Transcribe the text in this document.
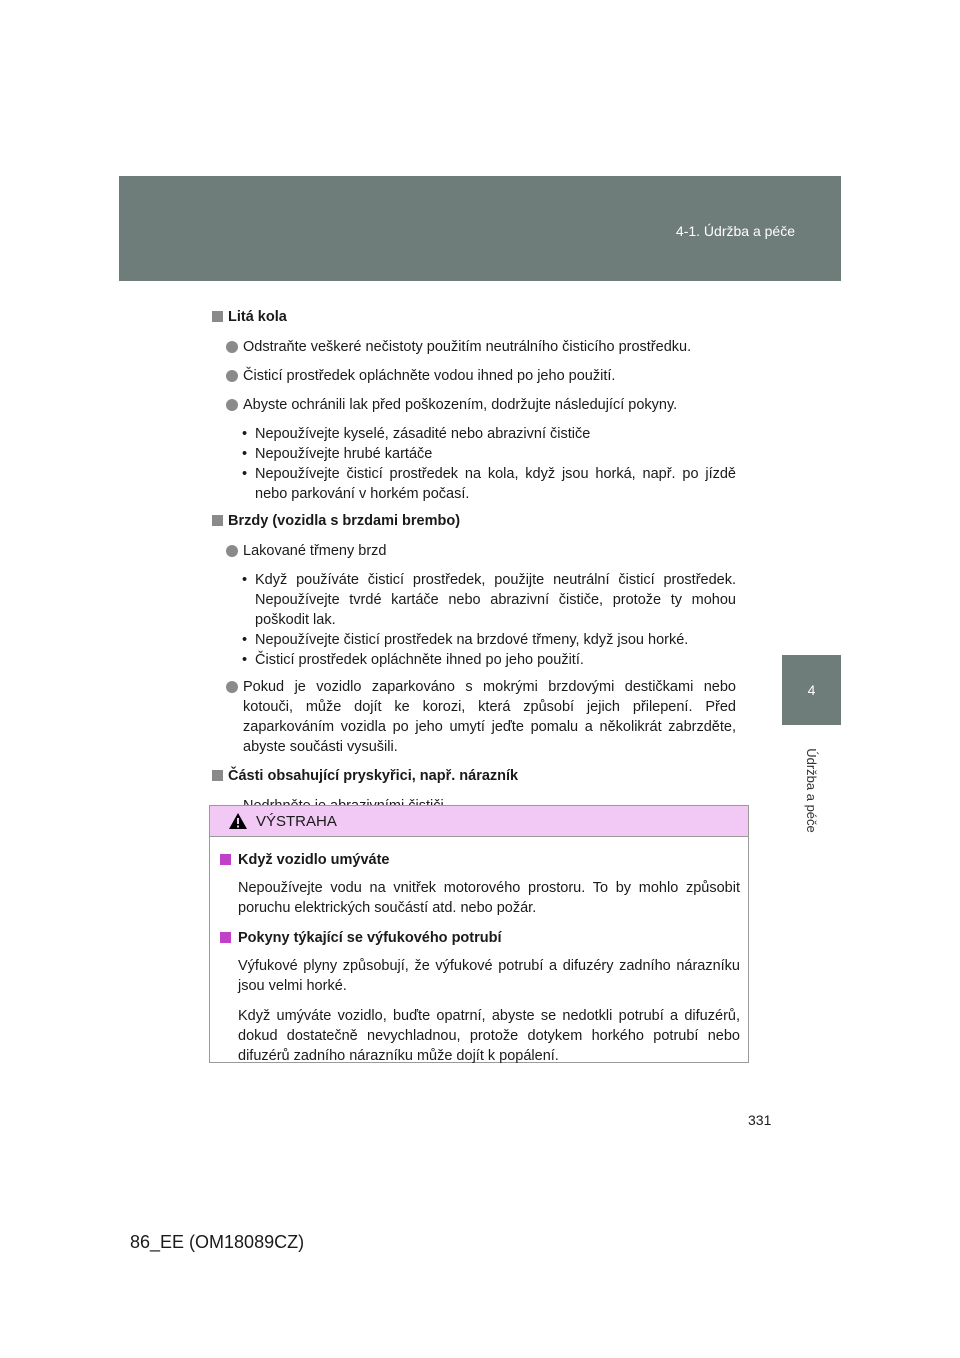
4-1. Údržba a péče
4
Údržba a péče
Litá kola
Odstraňte veškeré nečistoty použitím neutrálního čisticího prostředku.
Čisticí prostředek opláchněte vodou ihned po jeho použití.
Abyste ochránili lak před poškozením, dodržujte následující pokyny.
• Nepoužívejte kyselé, zásadité nebo abrazivní čističe
• Nepoužívejte hrubé kartáče
• Nepoužívejte čisticí prostředek na kola, když jsou horká, např. po jízdě nebo parkování v horkém počasí.
Brzdy (vozidla s brzdami brembo)
Lakované třmeny brzd
• Když používáte čisticí prostředek, použijte neutrální čisticí prostředek. Nepoužívejte tvrdé kartáče nebo abrazivní čističe, protože ty mohou poškodit lak.
• Nepoužívejte čisticí prostředek na brzdové třmeny, když jsou horké.
• Čisticí prostředek opláchněte ihned po jeho použití.
Pokud je vozidlo zaparkováno s mokrými brzdovými destičkami nebo kotouči, může dojít ke korozi, která způsobí jejich přilepení. Před zaparkováním vozidla po jeho umytí jeďte pomalu a několikrát zabrzděte, abyste součásti vysušili.
Části obsahující pryskyřici, např. nárazník
VÝSTRAHA
Když vozidlo umýváte
Nepoužívejte vodu na vnitřek motorového prostoru. To by mohlo způsobit poruchu elektrických součástí atd. nebo požár.
Pokyny týkající se výfukového potrubí
Výfukové plyny způsobují, že výfukové potrubí a difuzéry zadního nárazníku jsou velmi horké.
Když umýváte vozidlo, buďte opatrní, abyste se nedotkli potrubí a difuzérů, dokud dostatečně nevychladnou, protože dotykem horkého potrubí nebo difuzérů zadního nárazníku může dojít k popálení.
331
86_EE (OM18089CZ)
